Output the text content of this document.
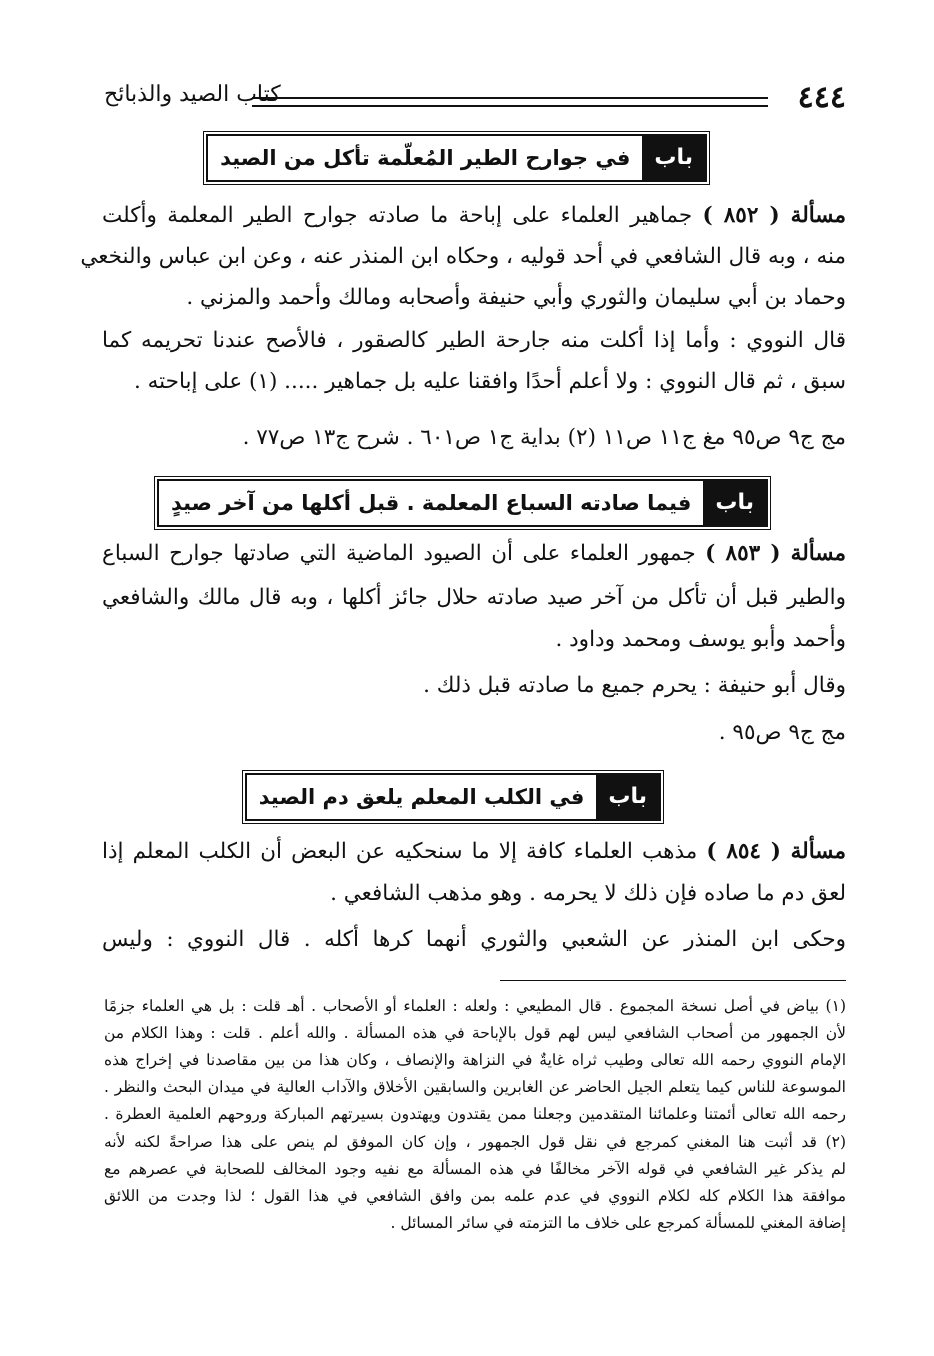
٤٤٤
كتاب الصيد والذبائح
باب
في جوارح الطير المُعلّمة تأكل من الصيد
مسألة ( ٨٥٢ ) جماهير العلماء على إباحة ما صادته جوارح الطير المعلمة وأكلت
منه ، وبه قال الشافعي في أحد قوليه ، وحكاه ابن المنذر عنه ، وعن ابن عباس والنخعي
وحماد بن أبي سليمان والثوري وأبي حنيفة وأصحابه ومالك وأحمد والمزني .
قال النووي : وأما إذا أكلت منه جارحة الطير كالصقور ، فالأصح عندنا تحريمه كما
سبق ، ثم قال النووي : ولا أعلم أحدًا وافقنا عليه بل جماهير ..... (١) على إباحته .
مج ج٩ ص٩٥ مغ ج١١ ص١١ (٢) بداية ج١ ص٦٠١ . شرح ج١٣ ص٧٧ .
باب
فيما صادته السباع المعلمة . قبل أكلها من آخر صيدٍ
مسألة ( ٨٥٣ ) جمهور العلماء على أن الصيود الماضية التي صادتها جوارح السباع
والطير قبل أن تأكل من آخر صيد صادته حلال جائز أكلها ، وبه قال مالك والشافعي
وأحمد وأبو يوسف ومحمد وداود .
وقال أبو حنيفة : يحرم جميع ما صادته قبل ذلك .
مج ج٩ ص٩٥ .
باب
في الكلب المعلم يلعق دم الصيد
مسألة ( ٨٥٤ ) مذهب العلماء كافة إلا ما سنحكيه عن البعض أن الكلب المعلم إذا
لعق دم ما صاده فإن ذلك لا يحرمه . وهو مذهب الشافعي .
وحكى ابن المنذر عن الشعبي والثوري أنهما كرها أكله . قال النووي : وليس
(١) بياض في أصل نسخة المجموع . قال المطيعي : ولعله : العلماء أو الأصحاب . أهـ قلت : بل هي العلماء جزمًا
لأن الجمهور من أصحاب الشافعي ليس لهم قول بالإباحة في هذه المسألة . والله أعلم . قلت : وهذا الكلام من
الإمام النووي رحمه الله تعالى وطيب ثراه غايةٌ في النزاهة والإنصاف ، وكان هذا من بين مقاصدنا في إخراج هذه
الموسوعة للناس كيما يتعلم الجيل الحاضر عن الغابرين والسابقين الأخلاق والآداب العالية في ميدان البحث والنظر .
رحمه الله تعالى أئمتنا وعلمائنا المتقدمين وجعلنا ممن يقتدون ويهتدون بسيرتهم المباركة وروحهم العلمية العطرة .
(٢) قد أثبت هنا المغني كمرجع في نقل قول الجمهور ، وإن كان الموفق لم ينص على هذا صراحةً لكنه لأنه
لم يذكر غير الشافعي في قوله الآخر مخالفًا في هذه المسألة مع نفيه وجود المخالف للصحابة في عصرهم مع
موافقة هذا الكلام كله لكلام النووي في عدم علمه بمن وافق الشافعي في هذا القول ؛ لذا وجدت من اللائق
إضافة المغني للمسألة كمرجع على خلاف ما التزمته في سائر المسائل .
